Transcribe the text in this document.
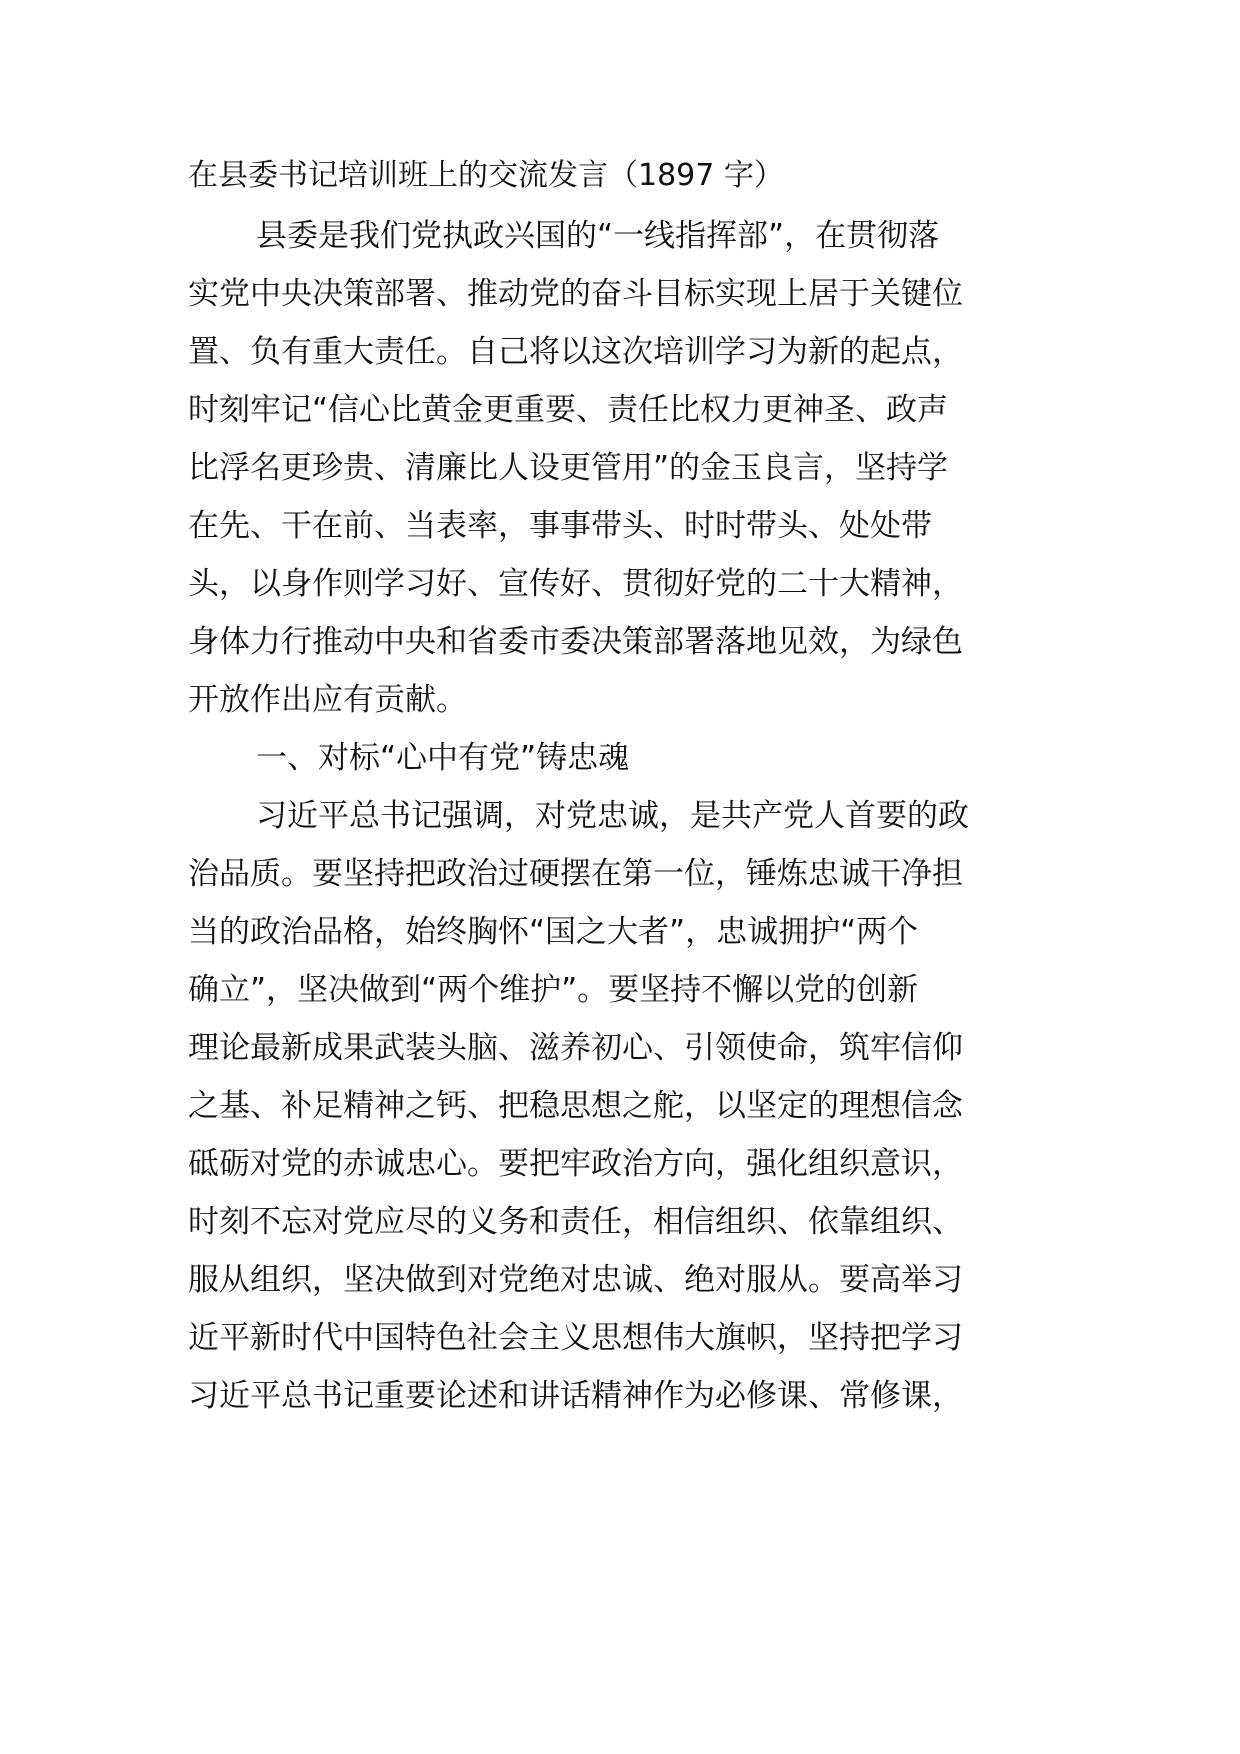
在县委书记培训班上的交流发言（1897 字）
县委是我们党执政兴国的“一线指挥部”，在贯彻落
实党中央决策部署、推动党的奋斗目标实现上居于关键位
置、负有重大责任。自己将以这次培训学习为新的起点，
时刻牢记“信心比黄金更重要、责任比权力更神圣、政声
比浮名更珍贵、清廉比人设更管用”的金玉良言，坚持学
在先、干在前、当表率，事事带头、时时带头、处处带
头，以身作则学习好、宣传好、贯彻好党的二十大精神，
身体力行推动中央和省委市委决策部署落地见效，为绿色
开放作出应有贡献。
一、对标“心中有党”铸忠魂
习近平总书记强调，对党忠诚，是共产党人首要的政
治品质。要坚持把政治过硬摆在第一位，锤炼忠诚干净担
当的政治品格，始终胸怀“国之大者”，忠诚拥护“两个
确立”，坚决做到“两个维护”。要坚持不懈以党的创新
理论最新成果武装头脑、滋养初心、引领使命，筑牢信仰
之基、补足精神之钙、把稳思想之舵，以坚定的理想信念
砥砺对党的赤诚忠心。要把牢政治方向，强化组织意识，
时刻不忘对党应尽的义务和责任，相信组织、依靠组织、
服从组织，坚决做到对党绝对忠诚、绝对服从。要高举习
近平新时代中国特色社会主义思想伟大旗帜，坚持把学习
习近平总书记重要论述和讲话精神作为必修课、常修课，
